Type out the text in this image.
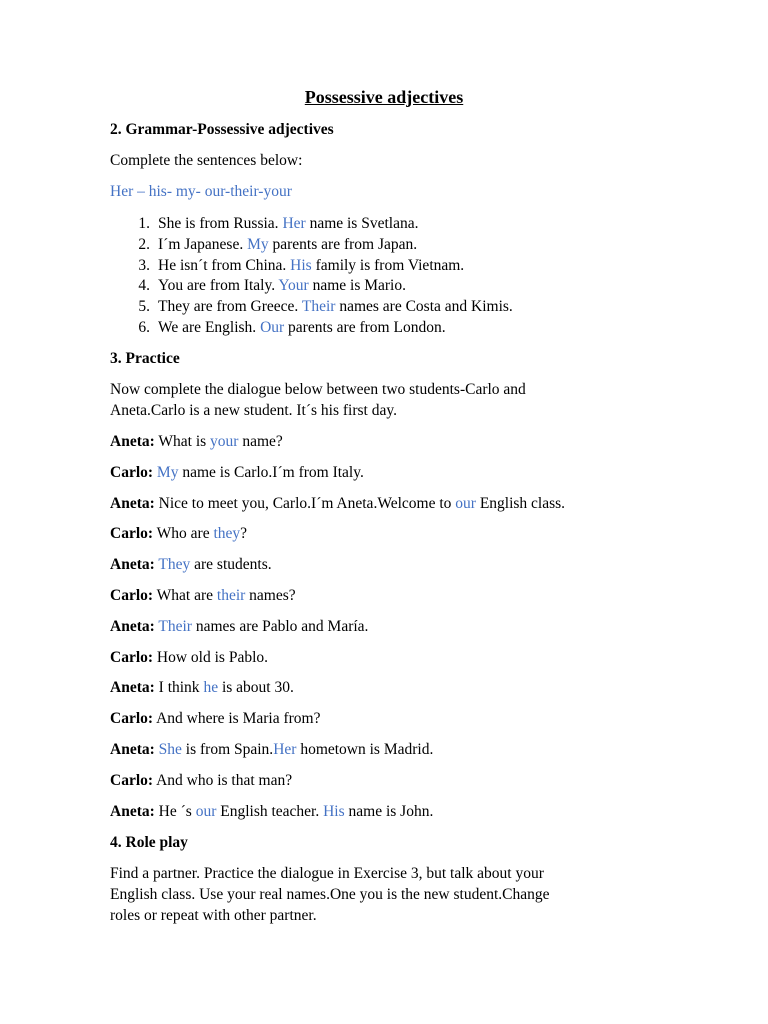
Possessive adjectives
2. Grammar-Possessive adjectives
Complete the sentences below:
Her – his- my- our-their-your
1. She is from Russia. Her name is Svetlana.
2. I´m Japanese. My parents are from Japan.
3. He isn´t from China. His family is from Vietnam.
4. You are from Italy. Your name is Mario.
5. They are from Greece. Their names are Costa and Kimis.
6. We are English. Our parents are from London.
3. Practice
Now complete the dialogue below between two students-Carlo and
Aneta.Carlo is a new student. It´s his first day.
Aneta: What is your name?
Carlo: My name is Carlo.I´m from Italy.
Aneta: Nice to meet you, Carlo.I´m Aneta.Welcome to our English class.
Carlo: Who are they?
Aneta: They are students.
Carlo: What are their names?
Aneta: Their names are Pablo and María.
Carlo: How old is Pablo.
Aneta: I think he is about 30.
Carlo: And where is Maria from?
Aneta: She is from Spain.Her hometown is Madrid.
Carlo: And who is that man?
Aneta: He ´s our English teacher. His name is John.
4. Role play
Find a partner. Practice the dialogue in Exercise 3, but talk about your
English class. Use your real names.One you is the new student.Change
roles or repeat with other partner.
